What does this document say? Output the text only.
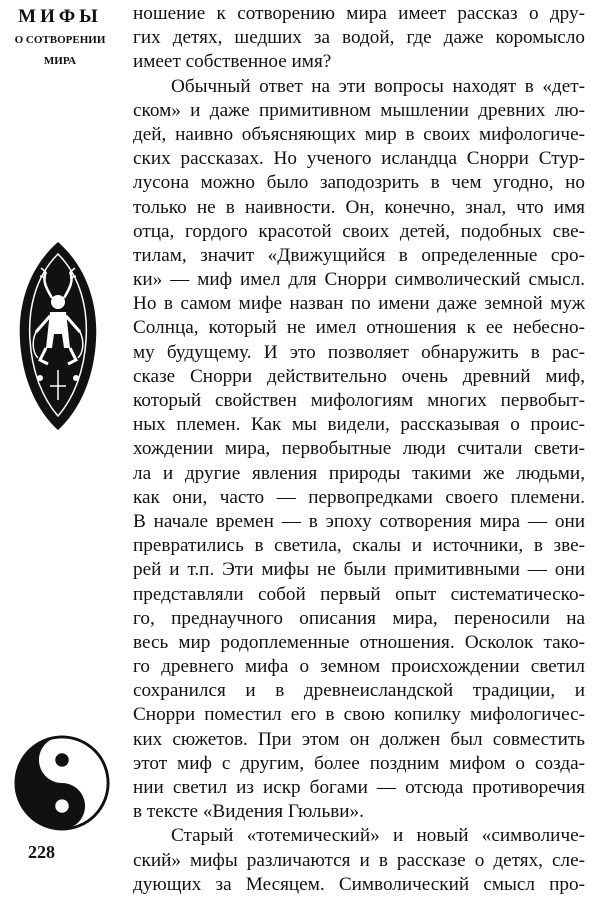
МИФЫ
О СОТВОРЕНИИ
МИРА
228
ношение к сотворению мира имеет рассказ о дру-
гих детях, шедших за водой, где даже коромысло
имеет собственное имя?
Обычный ответ на эти вопросы находят в «дет-
ском» и даже примитивном мышлении древних лю-
дей, наивно объясняющих мир в своих мифологиче-
ских рассказах. Но ученого исландца Снорри Стур-
лусона можно было заподозрить в чем угодно, но
только не в наивности. Он, конечно, знал, что имя
отца, гордого красотой своих детей, подобных све-
тилам, значит «Движущийся в определенные сро-
ки» — миф имел для Снорри символический смысл.
Но в самом мифе назван по имени даже земной муж
Солнца, который не имел отношения к ее небесно-
му будущему. И это позволяет обнаружить в рас-
сказе Снорри действительно очень древний миф,
который свойствен мифологиям многих первобыт-
ных племен. Как мы видели, рассказывая о проис-
хождении мира, первобытные люди считали свети-
ла и другие явления природы такими же людьми,
как они, часто — первопредками своего племени.
В начале времен — в эпоху сотворения мира — они
превратились в светила, скалы и источники, в зве-
рей и т.п. Эти мифы не были примитивными — они
представляли собой первый опыт систематическо-
го, преднаучного описания мира, переносили на
весь мир родоплеменные отношения. Осколок тако-
го древнего мифа о земном происхождении светил
сохранился и в древнеисландской традиции, и
Снорри поместил его в свою копилку мифологичес-
ких сюжетов. При этом он должен был совместить
этот миф с другим, более поздним мифом о созда-
нии светил из искр богами — отсюда противоречия
в тексте «Видения Гюльви».
Старый «тотемический» и новый «символиче-
ский» мифы различаются и в рассказе о детях, сле-
дующих за Месяцем. Символический смысл про-
